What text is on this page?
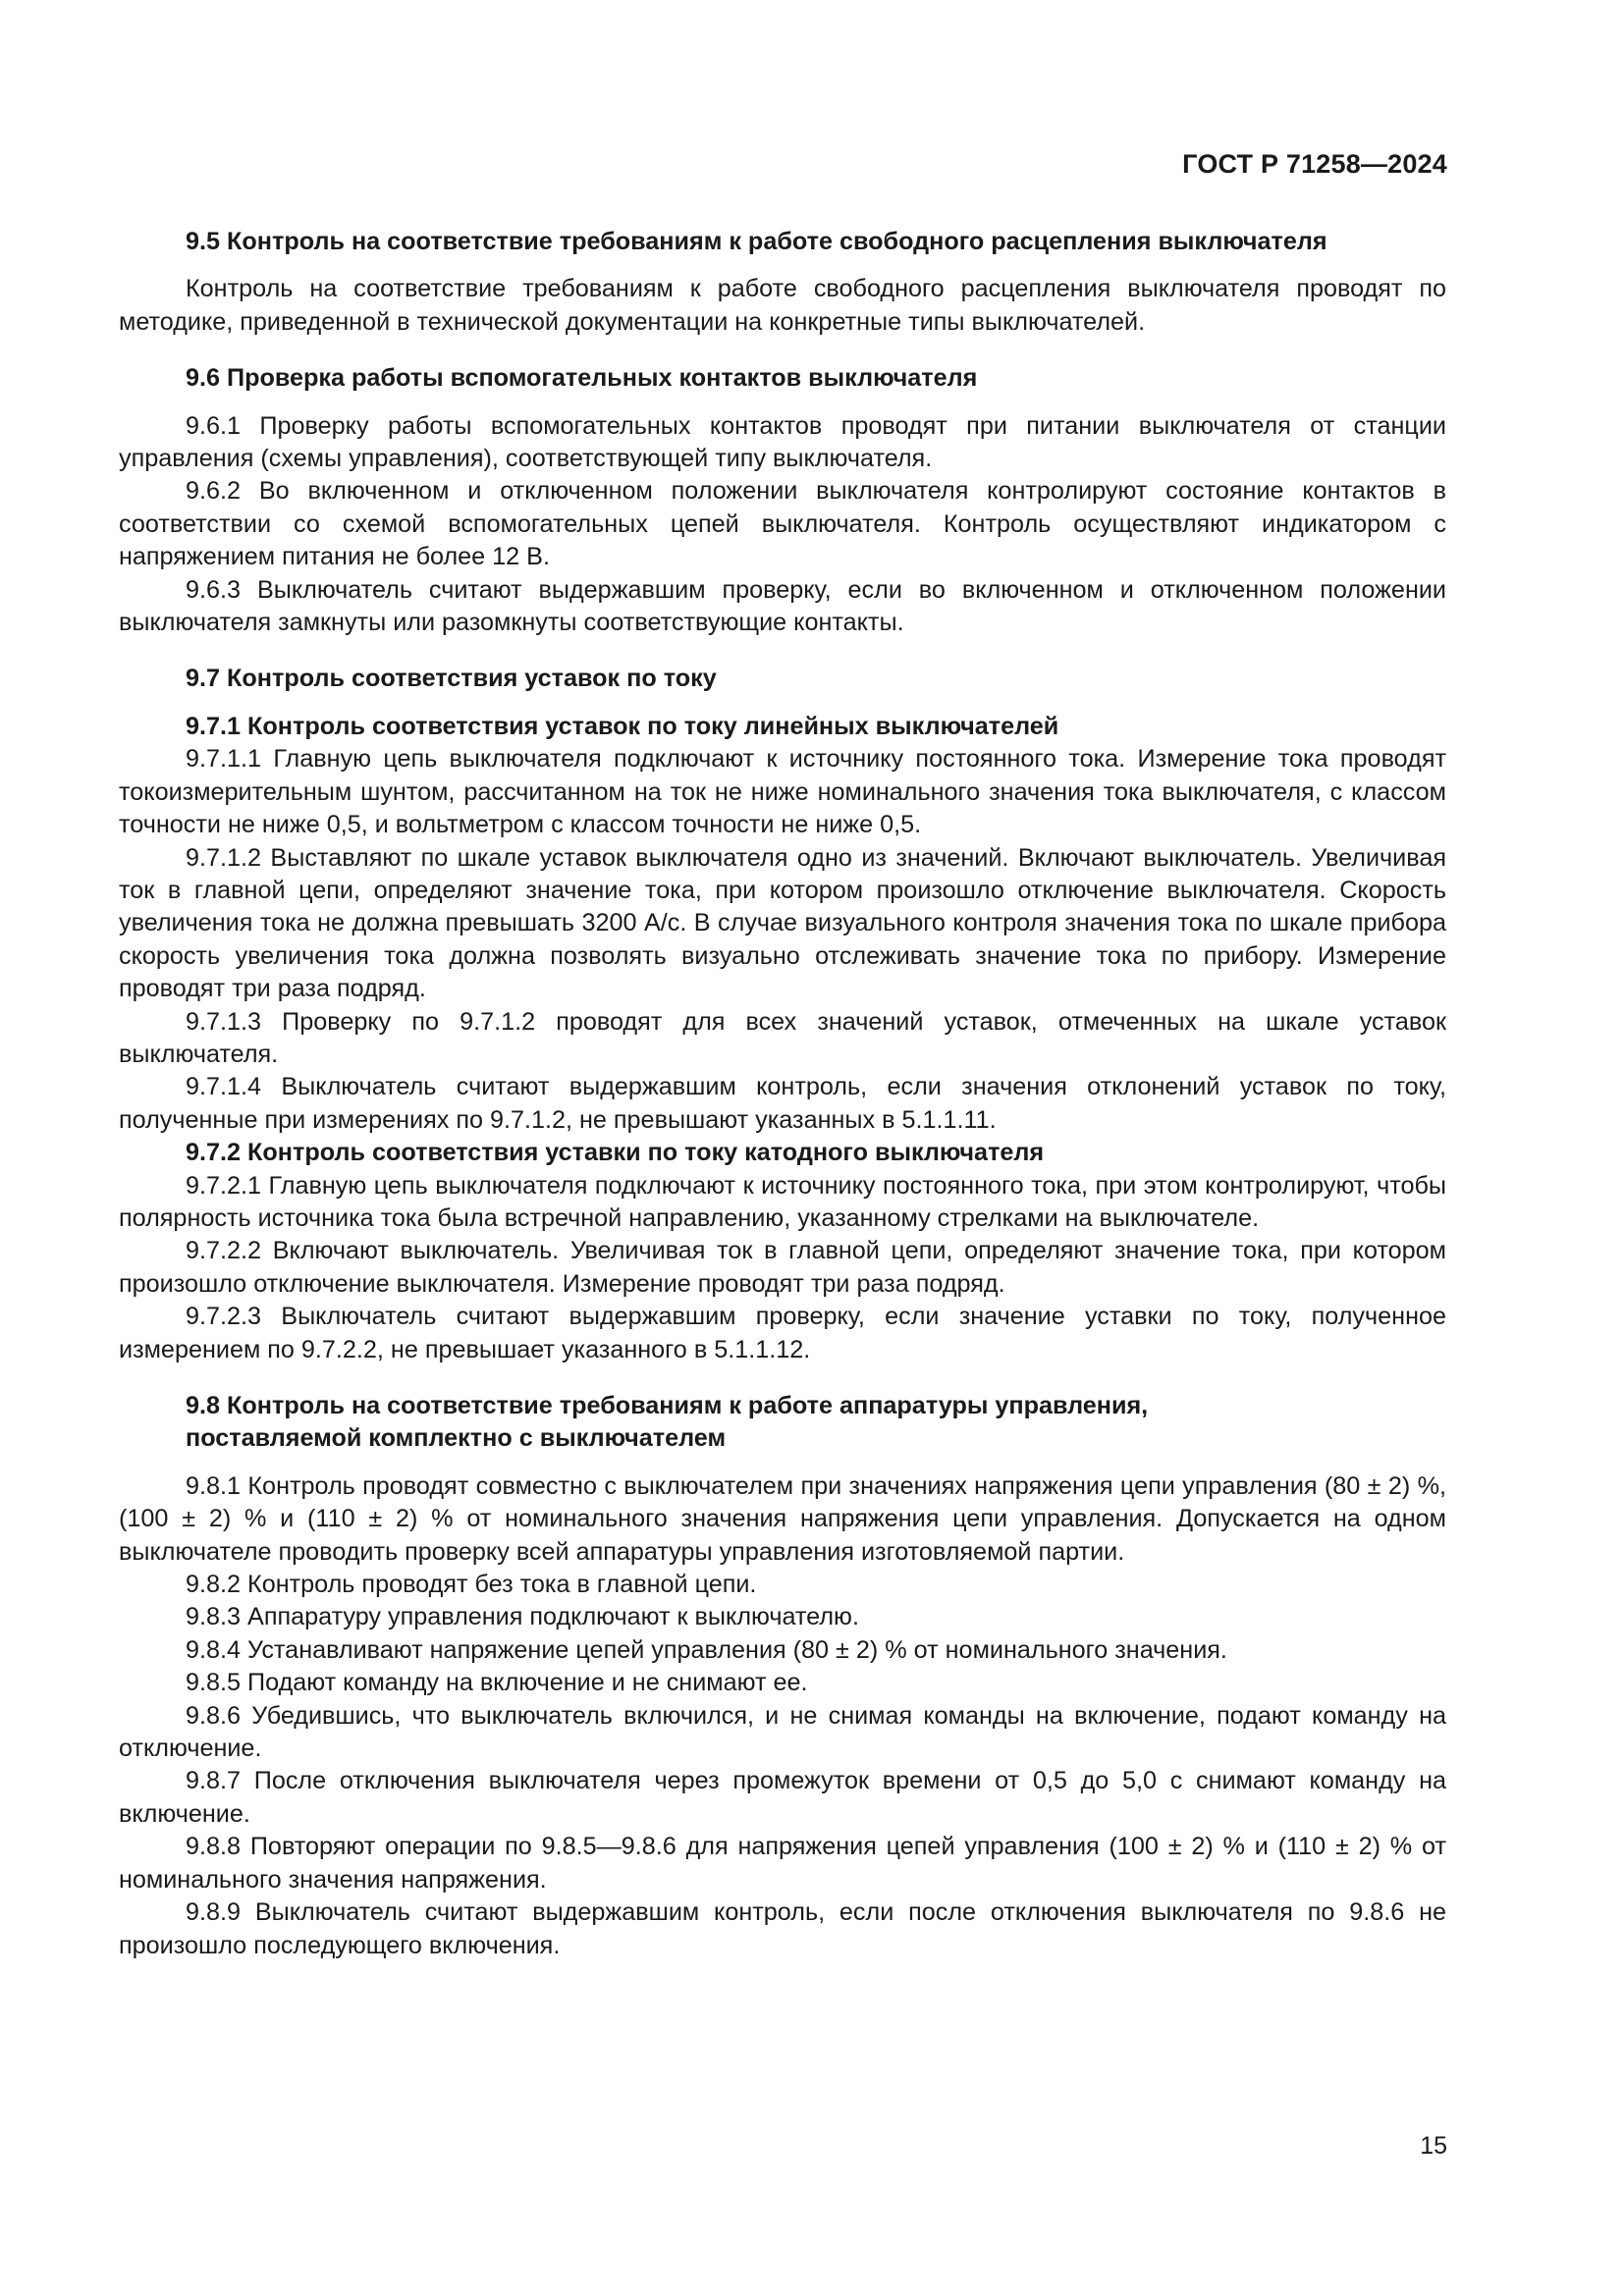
ГОСТ Р 71258—2024

9.5 Контроль на соответствие требованиям к работе свободного расцепления выключателя

Контроль на соответствие требованиям к работе свободного расцепления выключателя проводят по методике, приведенной в технической документации на конкретные типы выключателей.

9.6 Проверка работы вспомогательных контактов выключателя

9.6.1 Проверку работы вспомогательных контактов проводят при питании выключателя от станции управления (схемы управления), соответствующей типу выключателя.

9.6.2 Во включенном и отключенном положении выключателя контролируют состояние контактов в соответствии со схемой вспомогательных цепей выключателя. Контроль осуществляют индикатором с напряжением питания не более 12 В.

9.6.3 Выключатель считают выдержавшим проверку, если во включенном и отключенном положении выключателя замкнуты или разомкнуты соответствующие контакты.

9.7 Контроль соответствия уставок по току

9.7.1 Контроль соответствия уставок по току линейных выключателей

9.7.1.1 Главную цепь выключателя подключают к источнику постоянного тока. Измерение тока проводят токоизмерительным шунтом, рассчитанном на ток не ниже номинального значения тока выключателя, с классом точности не ниже 0,5, и вольтметром с классом точности не ниже 0,5.

9.7.1.2 Выставляют по шкале уставок выключателя одно из значений. Включают выключатель. Увеличивая ток в главной цепи, определяют значение тока, при котором произошло отключение выключателя. Скорость увеличения тока не должна превышать 3200 А/с. В случае визуального контроля значения тока по шкале прибора скорость увеличения тока должна позволять визуально отслеживать значение тока по прибору. Измерение проводят три раза подряд.

9.7.1.3 Проверку по 9.7.1.2 проводят для всех значений уставок, отмеченных на шкале уставок выключателя.

9.7.1.4 Выключатель считают выдержавшим контроль, если значения отклонений уставок по току, полученные при измерениях по 9.7.1.2, не превышают указанных в 5.1.1.11.

9.7.2 Контроль соответствия уставки по току катодного выключателя

9.7.2.1 Главную цепь выключателя подключают к источнику постоянного тока, при этом контролируют, чтобы полярность источника тока была встречной направлению, указанному стрелками на выключателе.

9.7.2.2 Включают выключатель. Увеличивая ток в главной цепи, определяют значение тока, при котором произошло отключение выключателя. Измерение проводят три раза подряд.

9.7.2.3 Выключатель считают выдержавшим проверку, если значение уставки по току, полученное измерением по 9.7.2.2, не превышает указанного в 5.1.1.12.

9.8 Контроль на соответствие требованиям к работе аппаратуры управления,
поставляемой комплектно с выключателем

9.8.1 Контроль проводят совместно с выключателем при значениях напряжения цепи управления (80 ± 2) %, (100 ± 2) % и (110 ± 2) % от номинального значения напряжения цепи управления. Допускается на одном выключателе проводить проверку всей аппаратуры управления изготовляемой партии.

9.8.2 Контроль проводят без тока в главной цепи.

9.8.3 Аппаратуру управления подключают к выключателю.

9.8.4 Устанавливают напряжение цепей управления (80 ± 2) % от номинального значения.

9.8.5 Подают команду на включение и не снимают ее.

9.8.6 Убедившись, что выключатель включился, и не снимая команды на включение, подают команду на отключение.

9.8.7 После отключения выключателя через промежуток времени от 0,5 до 5,0 с снимают команду на включение.

9.8.8 Повторяют операции по 9.8.5—9.8.6 для напряжения цепей управления (100 ± 2) % и (110 ± 2) % от номинального значения напряжения.

9.8.9 Выключатель считают выдержавшим контроль, если после отключения выключателя по 9.8.6 не произошло последующего включения.

15
